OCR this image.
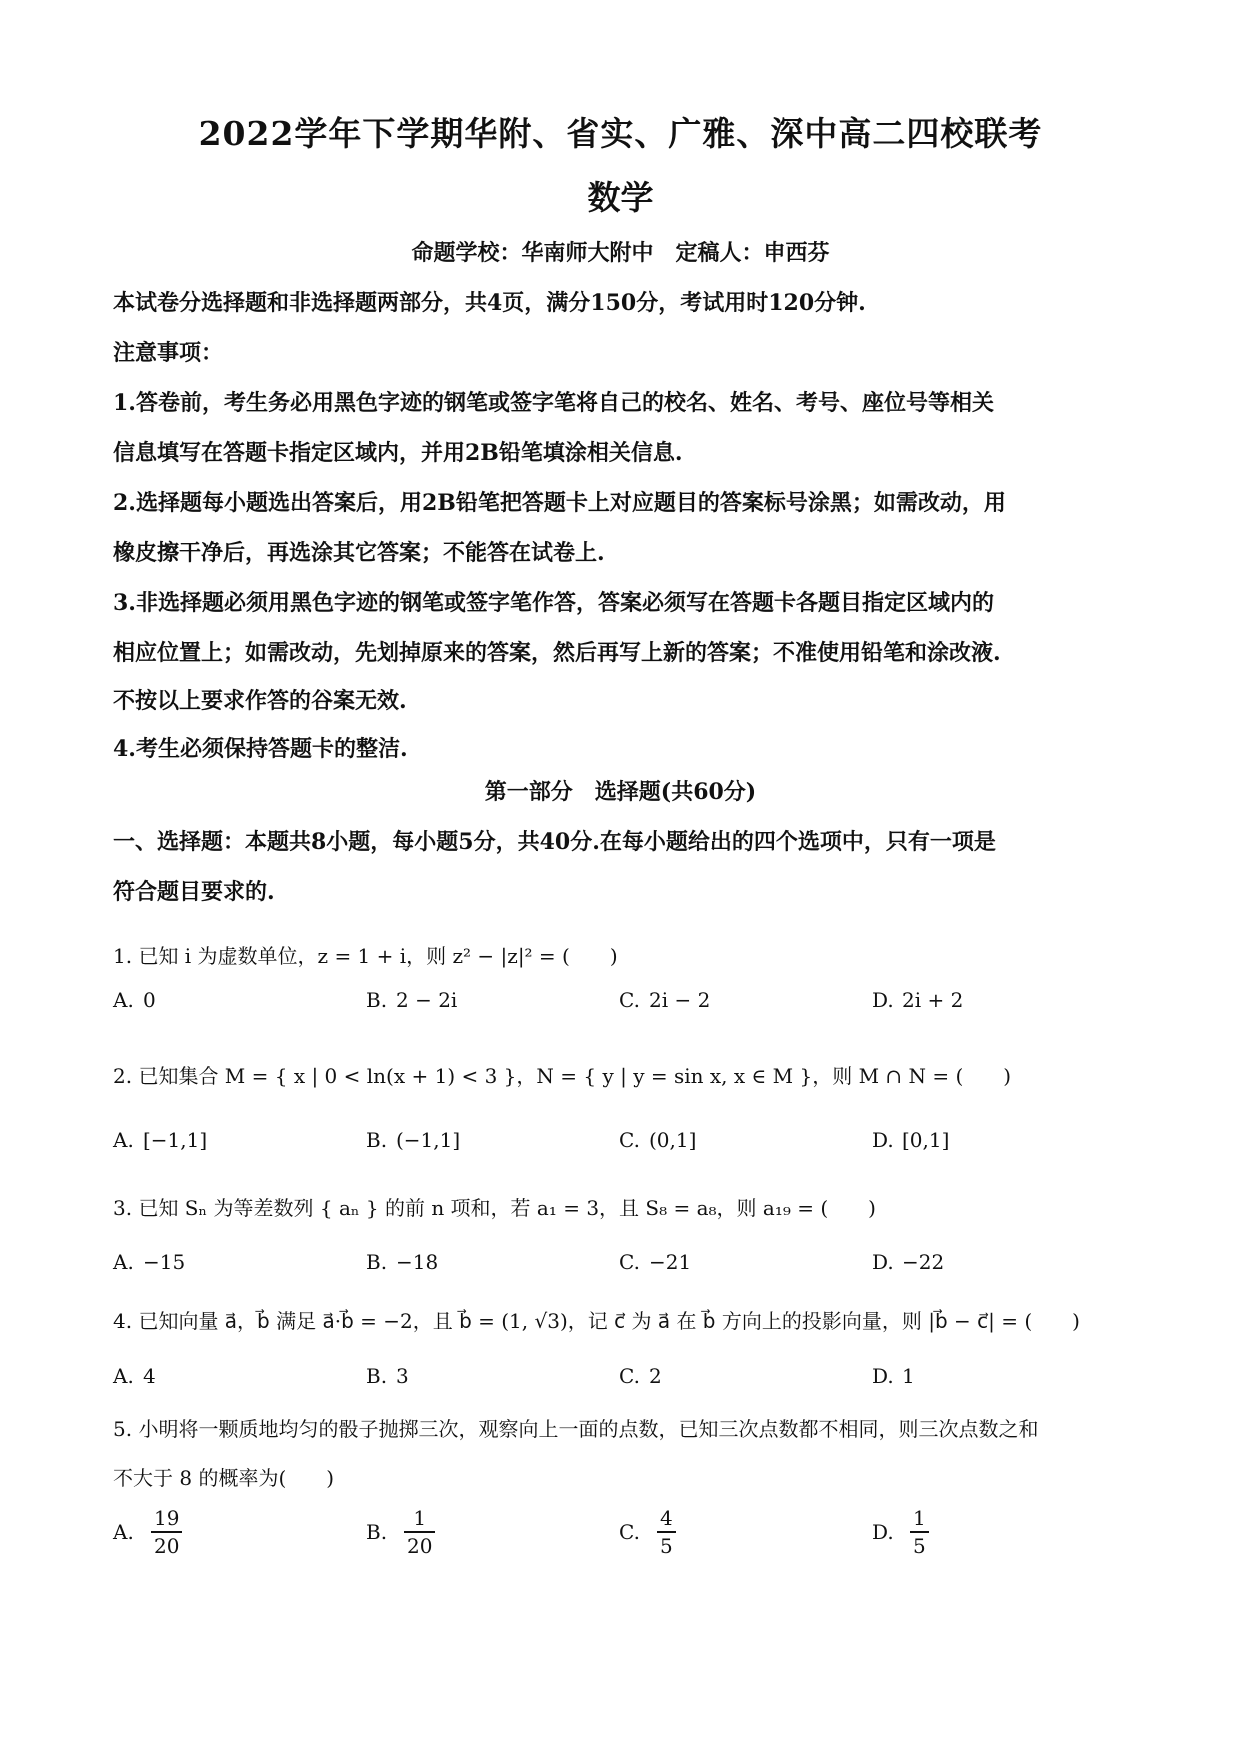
2022学年下学期华附、省实、广雅、深中高二四校联考
数学
命题学校：华南师大附中　定稿人：申西芬
本试卷分选择题和非选择题两部分，共4页，满分150分，考试用时120分钟.
注意事项：
1.答卷前，考生务必用黑色字迹的钢笔或签字笔将自己的校名、姓名、考号、座位号等相关
信息填写在答题卡指定区域内，并用2B铅笔填涂相关信息.
2.选择题每小题选出答案后，用2B铅笔把答题卡上对应题目的答案标号涂黑；如需改动，用
橡皮擦干净后，再选涂其它答案；不能答在试卷上.
3.非选择题必须用黑色字迹的钢笔或签字笔作答，答案必须写在答题卡各题目指定区域内的
相应位置上；如需改动，先划掉原来的答案，然后再写上新的答案；不准使用铅笔和涂改液.
不按以上要求作答的谷案无效.
4.考生必须保持答题卡的整洁.
第一部分　选择题(共60分)
一、选择题：本题共8小题，每小题5分，共40分.在每小题给出的四个选项中，只有一项是
符合题目要求的.
1. 已知 i 为虚数单位，z = 1 + i，则 z² − |z|² = (　　)
A. 0	B. 2 − 2i	C. 2i − 2	D. 2i + 2
2. 已知集合 M = { x | 0 < ln(x + 1) < 3 }，N = { y | y = sin x, x ∈ M }，则 M ∩ N = (　　)
A. [−1,1]	B. (−1,1]	C. (0,1]	D. [0,1]
3. 已知 Sₙ 为等差数列 { aₙ } 的前 n 项和，若 a₁ = 3，且 S₈ = a₈，则 a₁₉ = (　　)
A. −15	B. −18	C. −21	D. −22
4. 已知向量 a⃗，b⃗ 满足 a⃗·b⃗ = −2，且 b⃗ = (1, √3)，记 c⃗ 为 a⃗ 在 b⃗ 方向上的投影向量，则 |b⃗ − c⃗| = (　　)
A. 4	B. 3	C. 2	D. 1
5. 小明将一颗质地均匀的骰子抛掷三次，观察向上一面的点数，已知三次点数都不相同，则三次点数之和
不大于 8 的概率为(　　)
A. $\frac{19}{20}$	B. $\frac{1}{20}$	C. $\frac{4}{5}$	D. $\frac{1}{5}$
